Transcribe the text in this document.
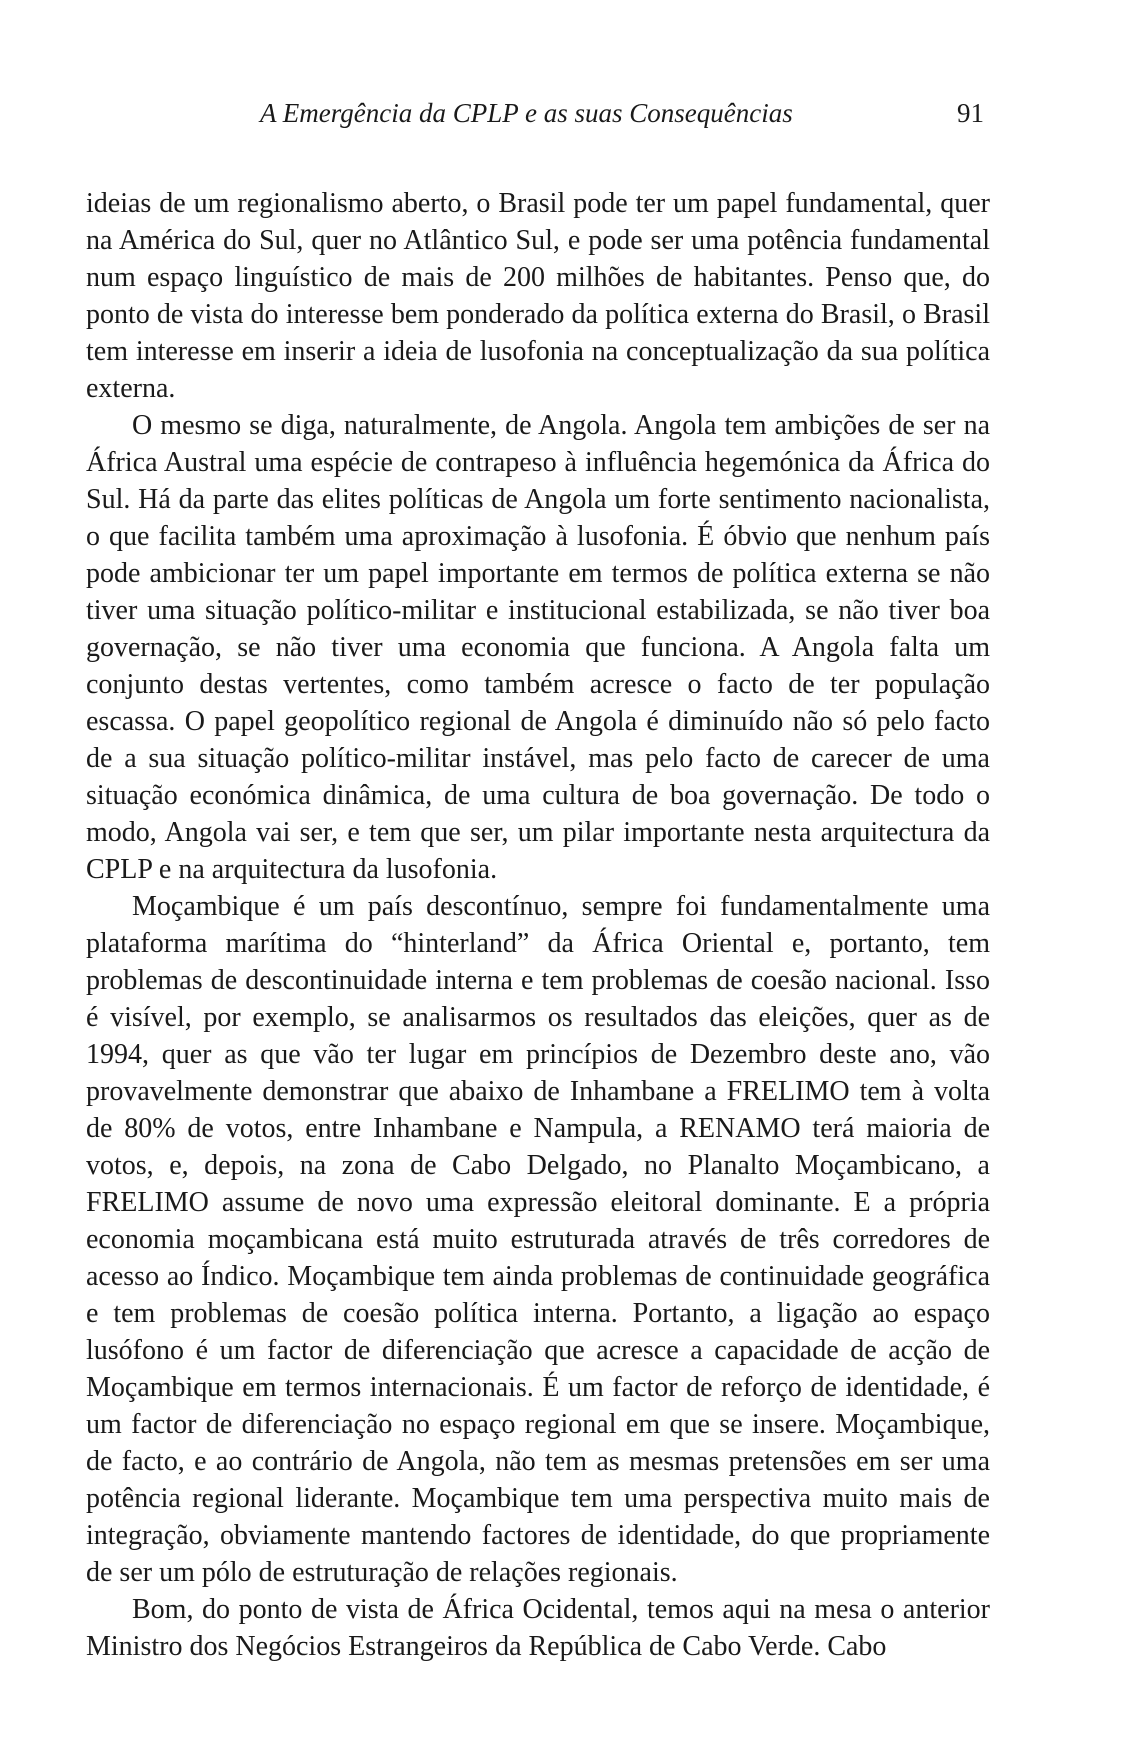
A Emergência da CPLP e as suas Consequências	91

ideias de um regionalismo aberto, o Brasil pode ter um papel fundamental, quer na América do Sul, quer no Atlântico Sul, e pode ser uma potência fundamental num espaço linguístico de mais de 200 milhões de habitantes. Penso que, do ponto de vista do interesse bem ponderado da política externa do Brasil, o Brasil tem interesse em inserir a ideia de lusofonia na conceptualização da sua política externa.

O mesmo se diga, naturalmente, de Angola. Angola tem ambições de ser na África Austral uma espécie de contrapeso à influência hegemónica da África do Sul. Há da parte das elites políticas de Angola um forte sentimento nacionalista, o que facilita também uma aproximação à lusofonia. É óbvio que nenhum país pode ambicionar ter um papel importante em termos de política externa se não tiver uma situação político-militar e institucional estabilizada, se não tiver boa governação, se não tiver uma economia que funciona. A Angola falta um conjunto destas vertentes, como também acresce o facto de ter população escassa. O papel geopolítico regional de Angola é diminuído não só pelo facto de a sua situação político-militar instável, mas pelo facto de carecer de uma situação económica dinâmica, de uma cultura de boa governação. De todo o modo, Angola vai ser, e tem que ser, um pilar importante nesta arquitectura da CPLP e na arquitectura da lusofonia.

Moçambique é um país descontínuo, sempre foi fundamentalmente uma plataforma marítima do “hinterland” da África Oriental e, portanto, tem problemas de descontinuidade interna e tem problemas de coesão nacional. Isso é visível, por exemplo, se analisarmos os resultados das eleições, quer as de 1994, quer as que vão ter lugar em princípios de Dezembro deste ano, vão provavelmente demonstrar que abaixo de Inhambane a FRELIMO tem à volta de 80% de votos, entre Inhambane e Nampula, a RENAMO terá maioria de votos, e, depois, na zona de Cabo Delgado, no Planalto Moçambicano, a FRELIMO assume de novo uma expressão eleitoral dominante. E a própria economia moçambicana está muito estruturada através de três corredores de acesso ao Índico. Moçambique tem ainda problemas de continuidade geográfica e tem problemas de coesão política interna. Portanto, a ligação ao espaço lusófono é um factor de diferenciação que acresce a capacidade de acção de Moçambique em termos internacionais. É um factor de reforço de identidade, é um factor de diferenciação no espaço regional em que se insere. Moçambique, de facto, e ao contrário de Angola, não tem as mesmas pretensões em ser uma potência regional liderante. Moçambique tem uma perspectiva muito mais de integração, obviamente mantendo factores de identidade, do que propriamente de ser um pólo de estruturação de relações regionais.

Bom, do ponto de vista de África Ocidental, temos aqui na mesa o anterior Ministro dos Negócios Estrangeiros da República de Cabo Verde. Cabo
